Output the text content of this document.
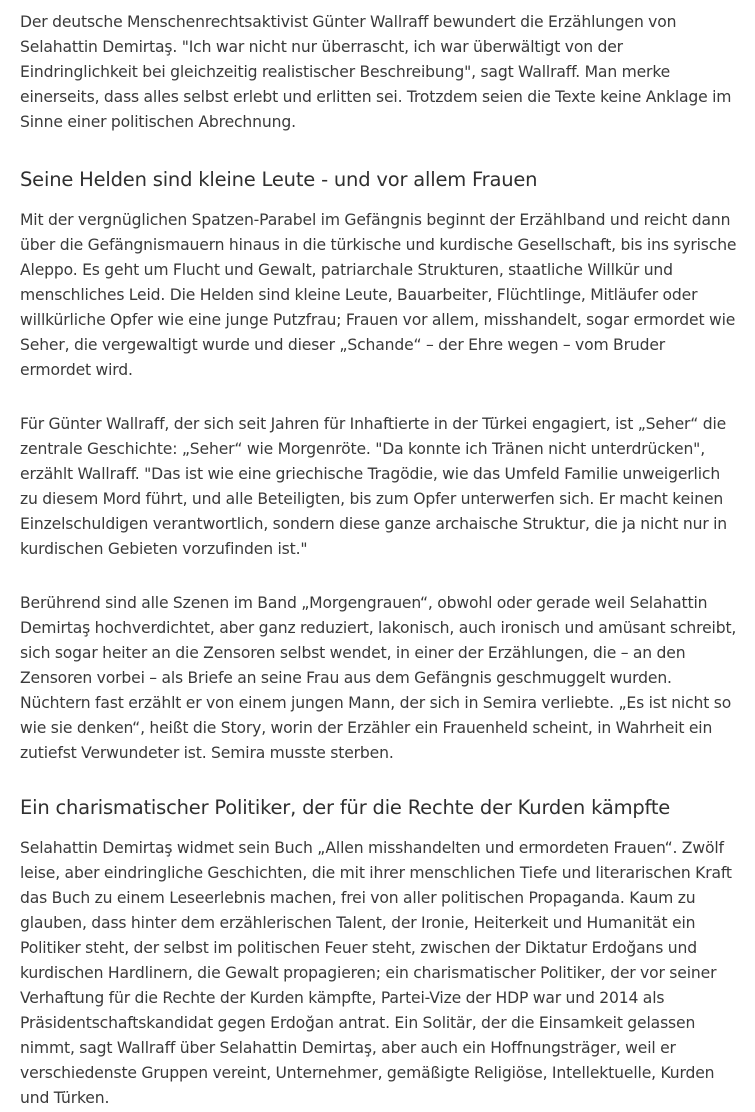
Der deutsche Menschenrechtsaktivist Günter Wallraff bewundert die Erzählungen von Selahattin Demirtaş. "Ich war nicht nur überrascht, ich war überwältigt von der Eindringlichkeit bei gleichzeitig realistischer Beschreibung", sagt Wallraff. Man merke einerseits, dass alles selbst erlebt und erlitten sei. Trotzdem seien die Texte keine Anklage im Sinne einer politischen Abrechnung.

Seine Helden sind kleine Leute - und vor allem Frauen

Mit der vergnüglichen Spatzen-Parabel im Gefängnis beginnt der Erzählband und reicht dann über die Gefängnismauern hinaus in die türkische und kurdische Gesellschaft, bis ins syrische Aleppo. Es geht um Flucht und Gewalt, patriarchale Strukturen, staatliche Willkür und menschliches Leid. Die Helden sind kleine Leute, Bauarbeiter, Flüchtlinge, Mitläufer oder willkürliche Opfer wie eine junge Putzfrau; Frauen vor allem, misshandelt, sogar ermordet wie Seher, die vergewaltigt wurde und dieser „Schande“ – der Ehre wegen – vom Bruder ermordet wird.

Für Günter Wallraff, der sich seit Jahren für Inhaftierte in der Türkei engagiert, ist „Seher“ die zentrale Geschichte: „Seher“ wie Morgenröte. "Da konnte ich Tränen nicht unterdrücken", erzählt Wallraff. "Das ist wie eine griechische Tragödie, wie das Umfeld Familie unweigerlich zu diesem Mord führt, und alle Beteiligten, bis zum Opfer unterwerfen sich. Er macht keinen Einzelschuldigen verantwortlich, sondern diese ganze archaische Struktur, die ja nicht nur in kurdischen Gebieten vorzufinden ist."

Berührend sind alle Szenen im Band „Morgengrauen“, obwohl oder gerade weil Selahattin Demirtaş hochverdichtet, aber ganz reduziert, lakonisch, auch ironisch und amüsant schreibt, sich sogar heiter an die Zensoren selbst wendet, in einer der Erzählungen, die – an den Zensoren vorbei – als Briefe an seine Frau aus dem Gefängnis geschmuggelt wurden. Nüchtern fast erzählt er von einem jungen Mann, der sich in Semira verliebte. „Es ist nicht so wie sie denken“, heißt die Story, worin der Erzähler ein Frauenheld scheint, in Wahrheit ein zutiefst Verwundeter ist. Semira musste sterben.

Ein charismatischer Politiker, der für die Rechte der Kurden kämpfte

Selahattin Demirtaş widmet sein Buch „Allen misshandelten und ermordeten Frauen“. Zwölf leise, aber eindringliche Geschichten, die mit ihrer menschlichen Tiefe und literarischen Kraft das Buch zu einem Leseerlebnis machen, frei von aller politischen Propaganda. Kaum zu glauben, dass hinter dem erzählerischen Talent, der Ironie, Heiterkeit und Humanität ein Politiker steht, der selbst im politischen Feuer steht, zwischen der Diktatur Erdoğans und kurdischen Hardlinern, die Gewalt propagieren; ein charismatischer Politiker, der vor seiner Verhaftung für die Rechte der Kurden kämpfte, Partei-Vize der HDP war und 2014 als Präsidentschaftskandidat gegen Erdoğan antrat. Ein Solitär, der die Einsamkeit gelassen nimmt, sagt Wallraff über Selahattin Demirtaş, aber auch ein Hoffnungsträger, weil er verschiedenste Gruppen vereint, Unternehmer, gemäßigte Religiöse, Intellektuelle, Kurden und Türken.
